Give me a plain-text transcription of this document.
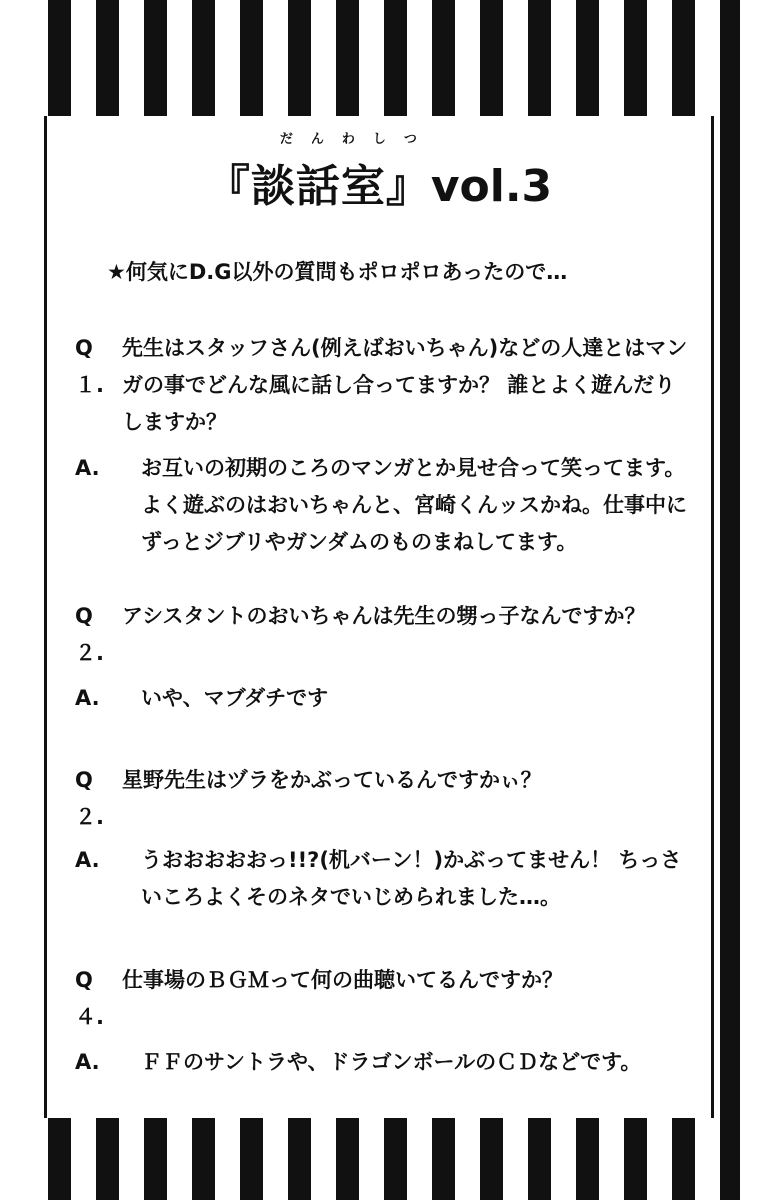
だんわしつ
『談話室』vol.3
★何気にD.G以外の質問もポロポロあったので…
Q１.
先生はスタッフさん(例えばおいちゃん)などの人達とはマンガの事でどんな風に話し合ってますか？ 誰とよく遊んだりしますか？
A.	お互いの初期のころのマンガとか見せ合って笑ってます。よく遊ぶのはおいちゃんと、宮崎くんッスかね。仕事中にずっとジブリやガンダムのものまねしてます。
Q２.
アシスタントのおいちゃんは先生の甥っ子なんですか？
A.	いや、マブダチです
Q２.
星野先生はヅラをかぶっているんですかぃ？
A.	うおおおおおっ!!?(机バーン！)かぶってません！ ちっさいころよくそのネタでいじめられました…。
Q４.
仕事場のＢＧＭって何の曲聴いてるんですか？
A.	ＦＦのサントラや、ドラゴンボールのＣＤなどです。
